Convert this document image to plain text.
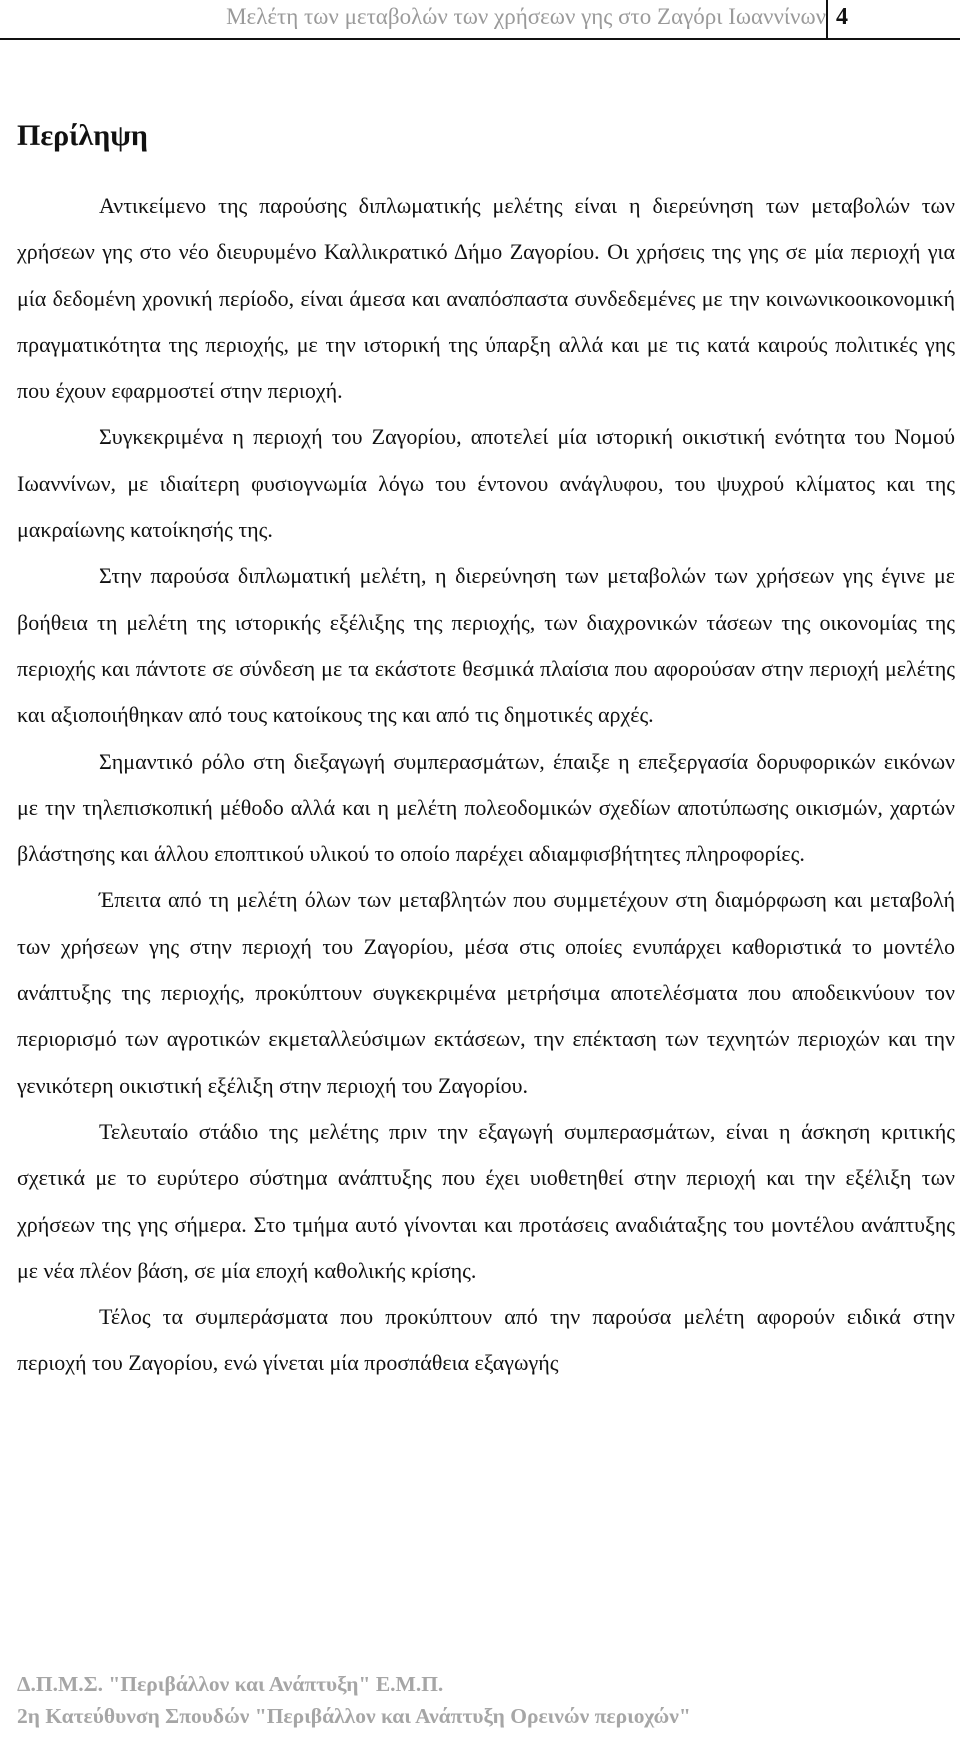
Μελέτη των μεταβολών των χρήσεων γης στο Ζαγόρι Ιωαννίνων 4
Περίληψη

Αντικείμενο της παρούσης διπλωματικής μελέτης είναι η διερεύνηση των μεταβολών των χρήσεων γης στο νέο διευρυμένο Καλλικρατικό Δήμο Ζαγορίου. Οι χρήσεις της γης σε μία περιοχή για μία δεδομένη χρονική περίοδο, είναι άμεσα και αναπόσπαστα συνδεδεμένες με την κοινωνικοοικονομική πραγματικότητα της περιοχής, με την ιστορική της ύπαρξη αλλά και με τις κατά καιρούς πολιτικές γης που έχουν εφαρμοστεί στην περιοχή.

Συγκεκριμένα η περιοχή του Ζαγορίου, αποτελεί μία ιστορική οικιστική ενότητα του Νομού Ιωαννίνων, με ιδιαίτερη φυσιογνωμία λόγω του έντονου ανάγλυφου, του ψυχρού κλίματος και της μακραίωνης κατοίκησής της.

Στην παρούσα διπλωματική μελέτη, η διερεύνηση των μεταβολών των χρήσεων γης έγινε με βοήθεια τη μελέτη της ιστορικής εξέλιξης της περιοχής, των διαχρονικών τάσεων της οικονομίας της περιοχής και πάντοτε σε σύνδεση με τα εκάστοτε θεσμικά πλαίσια που αφορούσαν στην περιοχή μελέτης και αξιοποιήθηκαν από τους κατοίκους της και από τις δημοτικές αρχές.

Σημαντικό ρόλο στη διεξαγωγή συμπερασμάτων, έπαιξε η επεξεργασία δορυφορικών εικόνων με την τηλεπισκοπική μέθοδο αλλά και η μελέτη πολεοδομικών σχεδίων αποτύπωσης οικισμών, χαρτών βλάστησης και άλλου εποπτικού υλικού το οποίο παρέχει αδιαμφισβήτητες πληροφορίες.

Έπειτα από τη μελέτη όλων των μεταβλητών που συμμετέχουν στη διαμόρφωση και μεταβολή των χρήσεων γης στην περιοχή του Ζαγορίου, μέσα στις οποίες ενυπάρχει καθοριστικά το μοντέλο ανάπτυξης της περιοχής, προκύπτουν συγκεκριμένα μετρήσιμα αποτελέσματα που αποδεικνύουν τον περιορισμό των αγροτικών εκμεταλλεύσιμων εκτάσεων, την επέκταση των τεχνητών περιοχών και την γενικότερη οικιστική εξέλιξη στην περιοχή του Ζαγορίου.

Τελευταίο στάδιο της μελέτης πριν την εξαγωγή συμπερασμάτων, είναι η άσκηση κριτικής σχετικά με το ευρύτερο σύστημα ανάπτυξης που έχει υιοθετηθεί στην περιοχή και την εξέλιξη των χρήσεων της γης σήμερα. Στο τμήμα αυτό γίνονται και προτάσεις αναδιάταξης του μοντέλου ανάπτυξης με νέα πλέον βάση, σε μία εποχή καθολικής κρίσης.

Τέλος τα συμπεράσματα που προκύπτουν από την παρούσα μελέτη αφορούν ειδικά στην περιοχή του Ζαγορίου, ενώ γίνεται μία προσπάθεια εξαγωγής

Δ.Π.Μ.Σ. "Περιβάλλον και Ανάπτυξη" Ε.Μ.Π.
2η Κατεύθυνση Σπουδών "Περιβάλλον και Ανάπτυξη Ορεινών περιοχών"
